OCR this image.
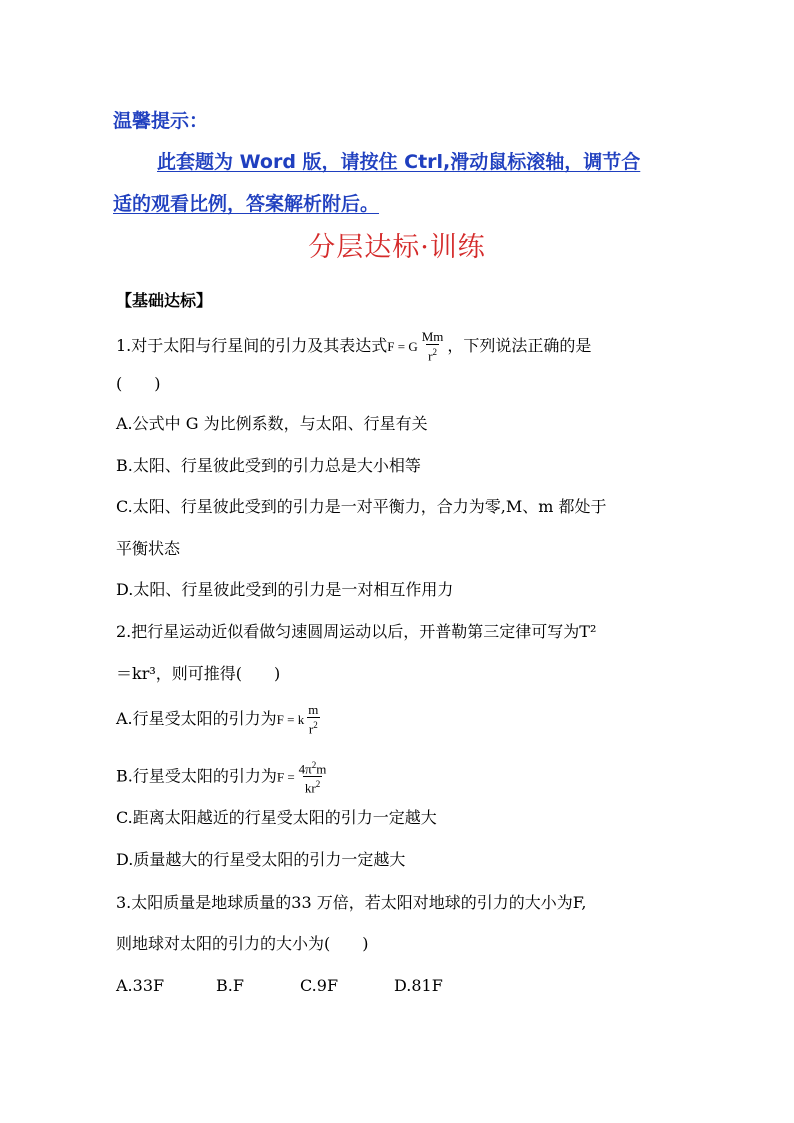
温馨提示：
此套题为 Word 版，请按住 Ctrl,滑动鼠标滚轴，调节合
适的观看比例，答案解析附后。
分层达标·训练
【基础达标】
1.对于太阳与行星间的引力及其表达式F = G $\frac{Mm}{r^2}$ ，下列说法正确的是
(　　)
A.公式中 G 为比例系数，与太阳、行星有关
B.太阳、行星彼此受到的引力总是大小相等
C.太阳、行星彼此受到的引力是一对平衡力，合力为零,M、m 都处于
平衡状态
D.太阳、行星彼此受到的引力是一对相互作用力
2.把行星运动近似看做匀速圆周运动以后，开普勒第三定律可写为T²
＝kr³，则可推得(　　)
A.行星受太阳的引力为F = k $\frac{m}{r^2}$
B.行星受太阳的引力为$F = \frac{4\pi^2m}{kr^2}$
C.距离太阳越近的行星受太阳的引力一定越大
D.质量越大的行星受太阳的引力一定越大
3.太阳质量是地球质量的33 万倍，若太阳对地球的引力的大小为F,
则地球对太阳的引力的大小为(　　)
A.33F	B.F	C.9F	D.81F
